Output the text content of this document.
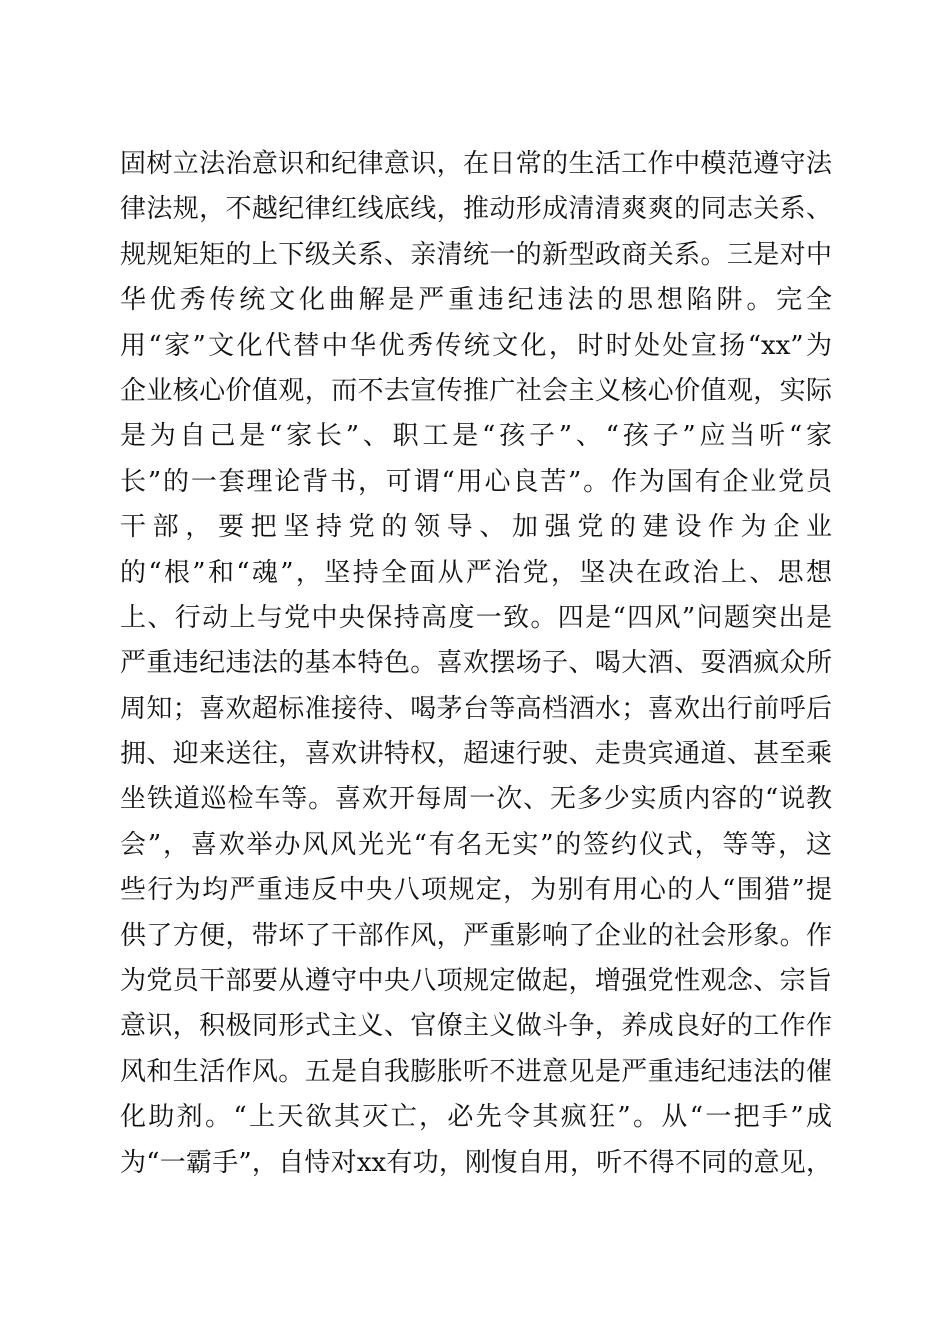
固树立法治意识和纪律意识，在日常的生活工作中模范遵守法
律法规，不越纪律红线底线，推动形成清清爽爽的同志关系、
规规矩矩的上下级关系、亲清统一的新型政商关系。三是对中
华优秀传统文化曲解是严重违纪违法的思想陷阱。完全
用“家”文化代替中华优秀传统文化，时时处处宣扬“xx”为
企业核心价值观，而不去宣传推广社会主义核心价值观，实际
是为自己是“家长”、职工是“孩子”、“孩子”应当听“家
长”的一套理论背书，可谓“用心良苦”。作为国有企业党员
干部，要把坚持党的领导、加强党的建设作为企业
的“根”和“魂”，坚持全面从严治党，坚决在政治上、思想
上、行动上与党中央保持高度一致。四是“四风”问题突出是
严重违纪违法的基本特色。喜欢摆场子、喝大酒、耍酒疯众所
周知；喜欢超标准接待、喝茅台等高档酒水；喜欢出行前呼后
拥、迎来送往，喜欢讲特权，超速行驶、走贵宾通道、甚至乘
坐铁道巡检车等。喜欢开每周一次、无多少实质内容的“说教
会”，喜欢举办风风光光“有名无实”的签约仪式，等等，这
些行为均严重违反中央八项规定，为别有用心的人“围猎”提
供了方便，带坏了干部作风，严重影响了企业的社会形象。作
为党员干部要从遵守中央八项规定做起，增强党性观念、宗旨
意识，积极同形式主义、官僚主义做斗争，养成良好的工作作
风和生活作风。五是自我膨胀听不进意见是严重违纪违法的催
化助剂。“上天欲其灭亡，必先令其疯狂”。从“一把手”成
为“一霸手”，自恃对xx有功，刚愎自用，听不得不同的意见，
